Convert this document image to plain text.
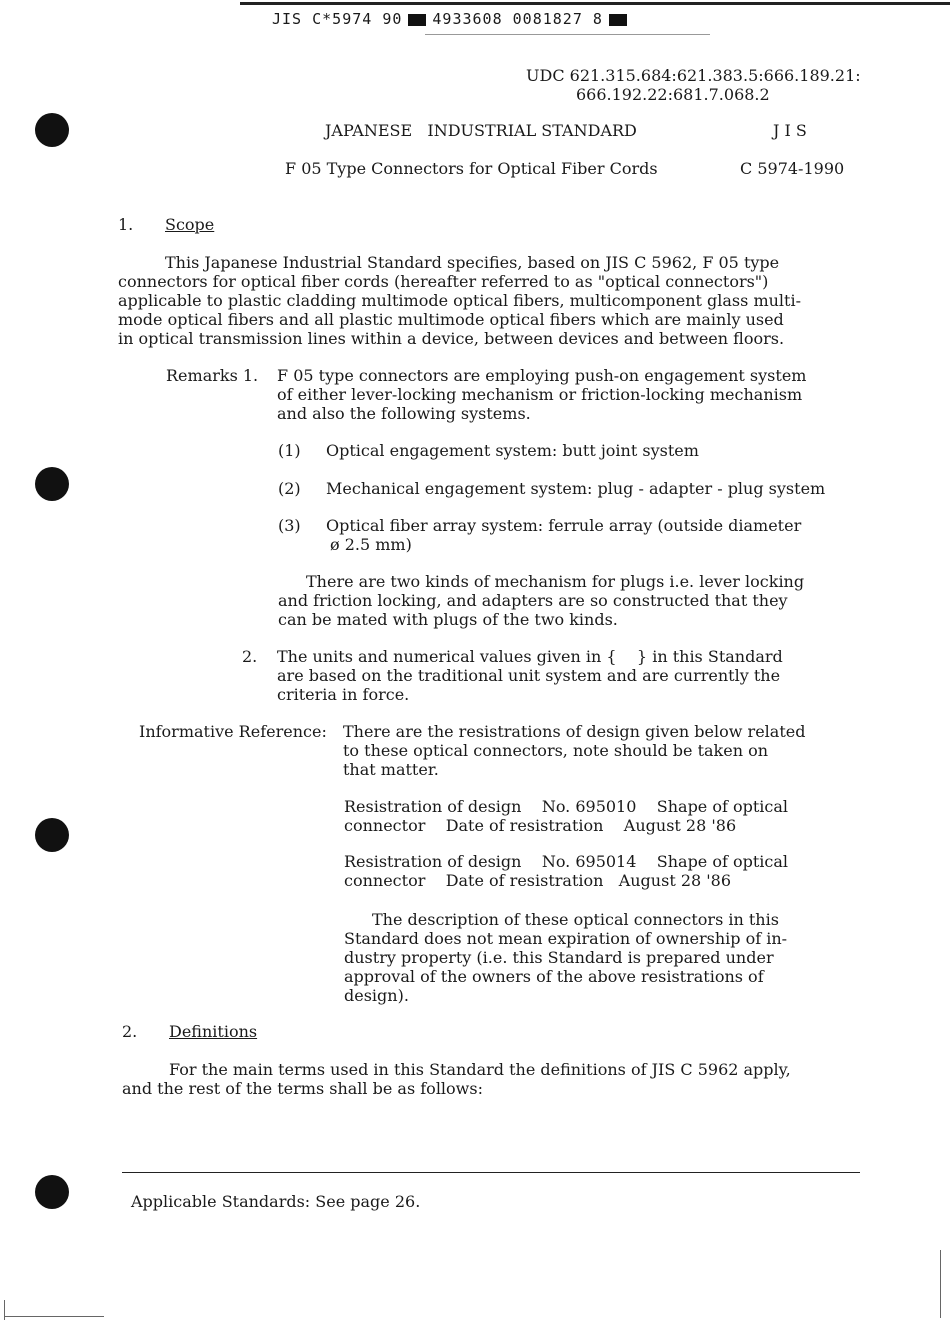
JIS C*5974 90 4933608 0081827 8
UDC 621.315.684:621.383.5:666.189.21:
666.192.22:681.7.068.2
JAPANESE   INDUSTRIAL STANDARD	J I S
F 05 Type Connectors for Optical Fiber Cords	C 5974-1990
1. Scope
This Japanese Industrial Standard specifies, based on JIS C 5962, F 05 type
connectors for optical fiber cords (hereafter referred to as "optical connectors")
applicable to plastic cladding multimode optical fibers, multicomponent glass multi-
mode optical fibers and all plastic multimode optical fibers which are mainly used
in optical transmission lines within a device, between devices and between floors.
Remarks 1. F 05 type connectors are employing push-on engagement system
of either lever-locking mechanism or friction-locking mechanism
and also the following systems.
(1) Optical engagement system: butt joint system
(2) Mechanical engagement system: plug - adapter - plug system
(3) Optical fiber array system: ferrule array (outside diameter
ø 2.5 mm)
There are two kinds of mechanism for plugs i.e. lever locking
and friction locking, and adapters are so constructed that they
can be mated with plugs of the two kinds.
2. The units and numerical values given in {    } in this Standard
are based on the traditional unit system and are currently the
criteria in force.
Informative Reference: There are the resistrations of design given below related
to these optical connectors, note should be taken on
that matter.
Resistration of design    No. 695010    Shape of optical
connector    Date of resistration    August 28 '86
Resistration of design    No. 695014    Shape of optical
connector    Date of resistration   August 28 '86
The description of these optical connectors in this
Standard does not mean expiration of ownership of in-
dustry property (i.e. this Standard is prepared under
approval of the owners of the above resistrations of
design).
2. Definitions
For the main terms used in this Standard the definitions of JIS C 5962 apply,
and the rest of the terms shall be as follows:
Applicable Standards: See page 26.
